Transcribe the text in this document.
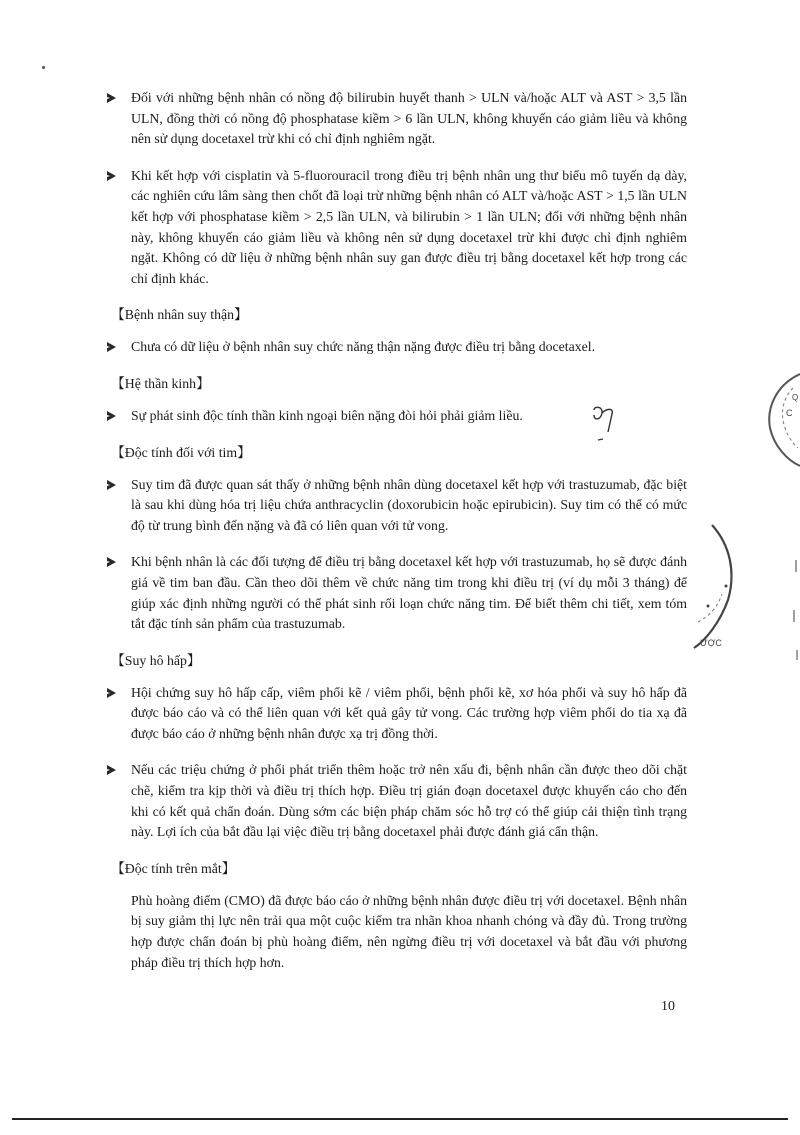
Đối với những bệnh nhân có nồng độ bilirubin huyết thanh > ULN và/hoặc ALT và AST > 3,5 lần ULN, đồng thời có nồng độ phosphatase kiềm > 6 lần ULN, không khuyến cáo giảm liều và không nên sử dụng docetaxel trừ khi có chỉ định nghiêm ngặt.
Khi kết hợp với cisplatin và 5-fluorouracil trong điều trị bệnh nhân ung thư biểu mô tuyến dạ dày, các nghiên cứu lâm sàng then chốt đã loại trừ những bệnh nhân có ALT và/hoặc AST > 1,5 lần ULN kết hợp với phosphatase kiềm > 2,5 lần ULN, và bilirubin > 1 lần ULN; đối với những bệnh nhân này, không khuyến cáo giảm liều và không nên sử dụng docetaxel trừ khi được chỉ định nghiêm ngặt. Không có dữ liệu ở những bệnh nhân suy gan được điều trị bằng docetaxel kết hợp trong các chỉ định khác.
【Bệnh nhân suy thận】
Chưa có dữ liệu ở bệnh nhân suy chức năng thận nặng được điều trị bằng docetaxel.
【Hệ thần kinh】
Sự phát sinh độc tính thần kinh ngoại biên nặng đòi hỏi phải giảm liều.
【Độc tính đối với tim】
Suy tim đã được quan sát thấy ở những bệnh nhân dùng docetaxel kết hợp với trastuzumab, đặc biệt là sau khi dùng hóa trị liệu chứa anthracyclin (doxorubicin hoặc epirubicin). Suy tim có thể có mức độ từ trung bình đến nặng và đã có liên quan với tử vong.
Khi bệnh nhân là các đối tượng để điều trị bằng docetaxel kết hợp với trastuzumab, họ sẽ được đánh giá về tim ban đầu. Cần theo dõi thêm về chức năng tim trong khi điều trị (ví dụ mỗi 3 tháng) để giúp xác định những người có thể phát sinh rối loạn chức năng tim. Để biết thêm chi tiết, xem tóm tắt đặc tính sản phẩm của trastuzumab.
【Suy hô hấp】
Hội chứng suy hô hấp cấp, viêm phổi kẽ / viêm phổi, bệnh phổi kẽ, xơ hóa phổi và suy hô hấp đã được báo cáo và có thể liên quan với kết quả gây tử vong. Các trường hợp viêm phổi do tia xạ đã được báo cáo ở những bệnh nhân được xạ trị đồng thời.
Nếu các triệu chứng ở phổi phát triển thêm hoặc trở nên xấu đi, bệnh nhân cần được theo dõi chặt chẽ, kiểm tra kịp thời và điều trị thích hợp. Điều trị gián đoạn docetaxel được khuyến cáo cho đến khi có kết quả chẩn đoán. Dùng sớm các biện pháp chăm sóc hỗ trợ có thể giúp cải thiện tình trạng này. Lợi ích của bắt đầu lại việc điều trị bằng docetaxel phải được đánh giá cẩn thận.
【Độc tính trên mắt】
Phù hoàng điểm (CMO) đã được báo cáo ở những bệnh nhân được điều trị với docetaxel. Bệnh nhân bị suy giảm thị lực nên trải qua một cuộc kiểm tra nhãn khoa nhanh chóng và đầy đủ. Trong trường hợp được chẩn đoán bị phù hoàng điểm, nên ngừng điều trị với docetaxel và bắt đầu với phương pháp điều trị thích hợp hơn.
C
Q
ƯỢC
10
